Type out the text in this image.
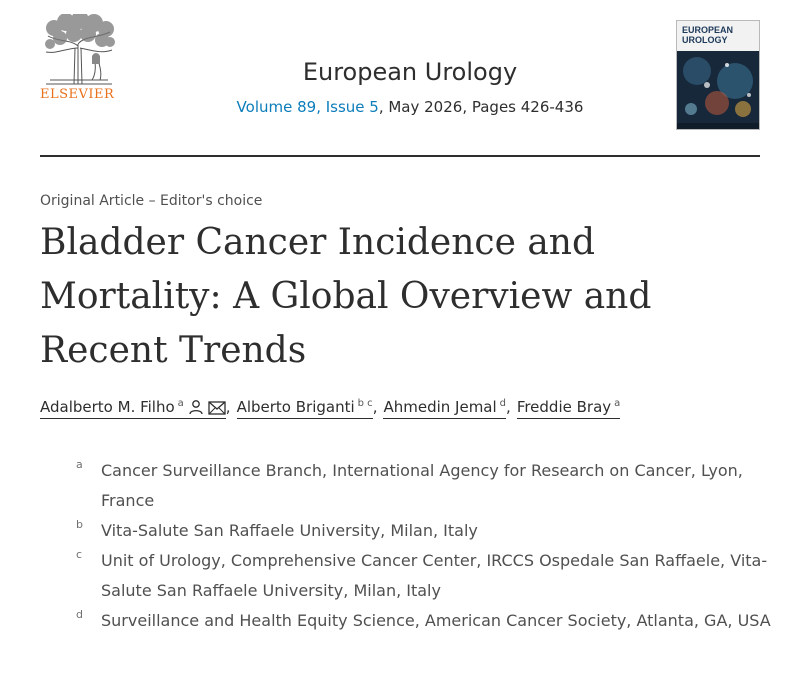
ELSEVIER
European Urology
Volume 89, Issue 5, May 2026, Pages 426-436
EUROPEAN
UROLOGY
Original Article – Editor's choice
Bladder Cancer Incidence and Mortality: A Global Overview and Recent Trends
Adalberto M. Filho $^a$	, Alberto Briganti $^{b c}$, Ahmedin Jemal $^d$, Freddie Bray $^a$
a Cancer Surveillance Branch, International Agency for Research on Cancer, Lyon, France
b Vita-Salute San Raffaele University, Milan, Italy
c Unit of Urology, Comprehensive Cancer Center, IRCCS Ospedale San Raffaele, Vita-Salute San Raffaele University, Milan, Italy
d Surveillance and Health Equity Science, American Cancer Society, Atlanta, GA, USA
